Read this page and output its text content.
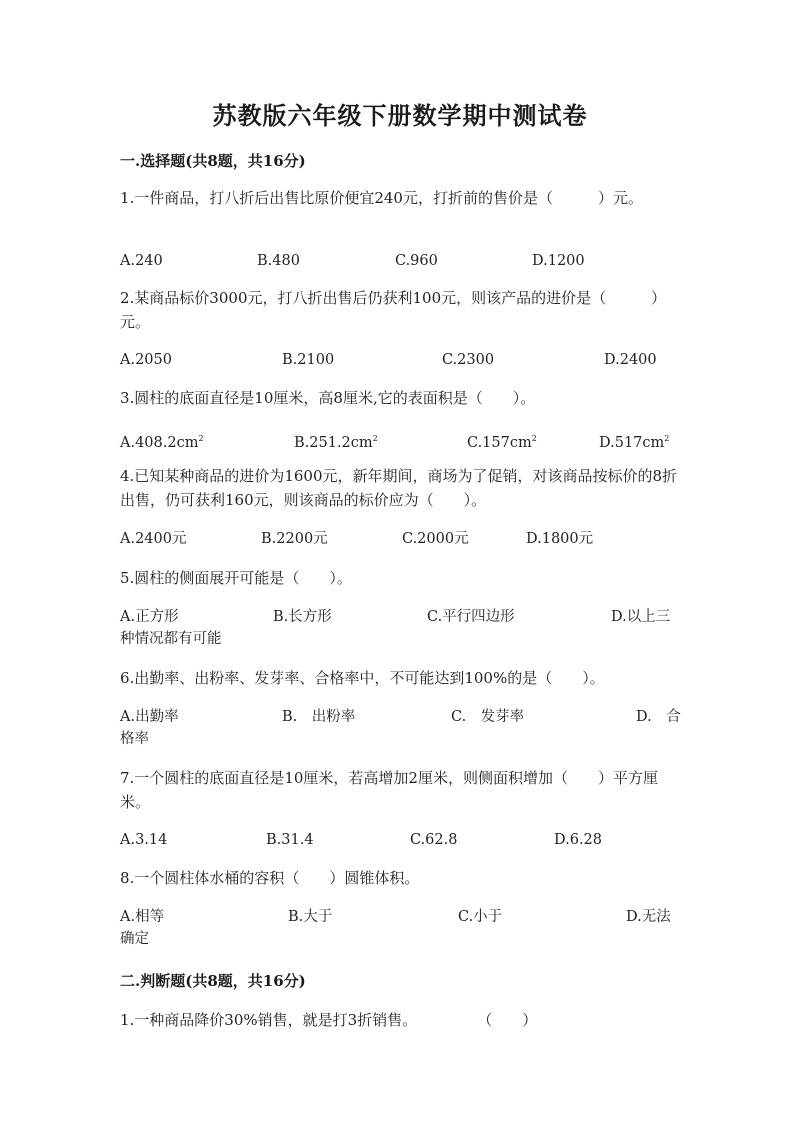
苏教版六年级下册数学期中测试卷
一.选择题(共8题，共16分)
1.一件商品，打八折后出售比原价便宜240元，打折前的售价是（　　　）元。
A.240	B.480	C.960	D.1200
2.某商品标价3000元，打八折出售后仍获利100元，则该产品的进价是（　　　）元。
A.2050	B.2100	C.2300	D.2400
3.圆柱的底面直径是10厘米，高8厘米,它的表面积是（　　）。
$A.408.2cm^2$	$B.251.2cm^2$	$C.157cm^2$	$D.517cm^2$
4.已知某种商品的进价为1600元，新年期间，商场为了促销，对该商品按标价的8折出售，仍可获利160元，则该商品的标价应为（　　）。
A.2400元	B.2200元	C.2000元	D.1800元
5.圆柱的侧面展开可能是（　　）。
A.正方形	B.长方形	C.平行四边形	D.以上三
种情况都有可能
6.出勤率、出粉率、发芽率、合格率中，不可能达到100%的是（　　）。
A.出勤率	B.　出粉率	C.　发芽率	D.　合
格率
7.一个圆柱的底面直径是10厘米，若高增加2厘米，则侧面积增加（　　）平方厘米。
A.3.14	B.31.4	C.62.8	D.6.28
8.一个圆柱体水桶的容积（　　）圆锥体积。
A.相等	B.大于	C.小于	D.无法
确定
二.判断题(共8题，共16分)
1.一种商品降价30%销售，就是打3折销售。　　　　　（　　）
